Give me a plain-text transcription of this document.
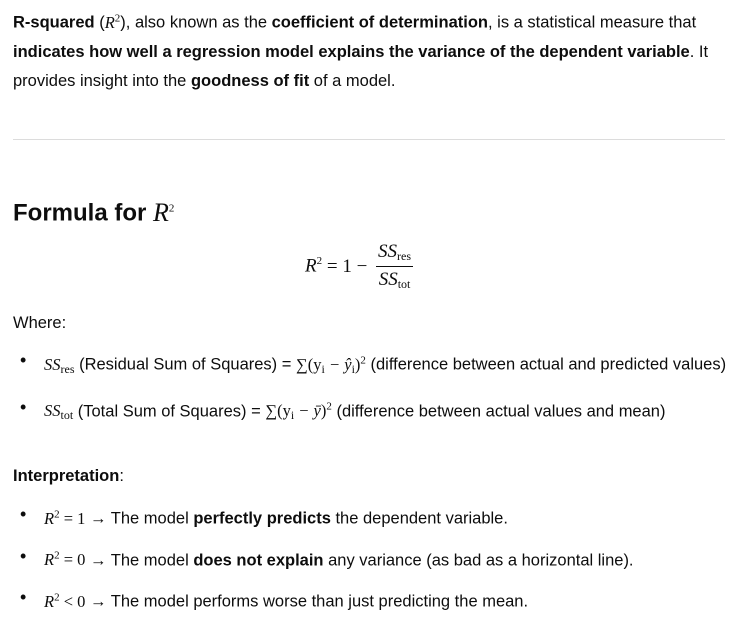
R-squared $(R^2)$, also known as the coefficient of determination, is a statistical measure that indicates how well a regression model explains the variance of the dependent variable. It provides insight into the goodness of fit of a model.

Formula for $R^2$
$R^2 = 1 - \frac{SS_{res}}{SS_{tot}}$

Where:

• $SS_{res}$ (Residual Sum of Squares) = $\sum(y_i$ − $ŷ_i)^2$ (difference between actual and predicted values)
• $SS_{tot}$ (Total Sum of Squares) = $\sum(y_i$ − ȳ)$^2$ (difference between actual values and mean)

Interpretation:

• $R^2 = 1$ → The model perfectly predicts the dependent variable.
• $R^2 = 0$ → The model does not explain any variance (as bad as a horizontal line).
• $R^2 < 0$ → The model performs worse than just predicting the mean.
